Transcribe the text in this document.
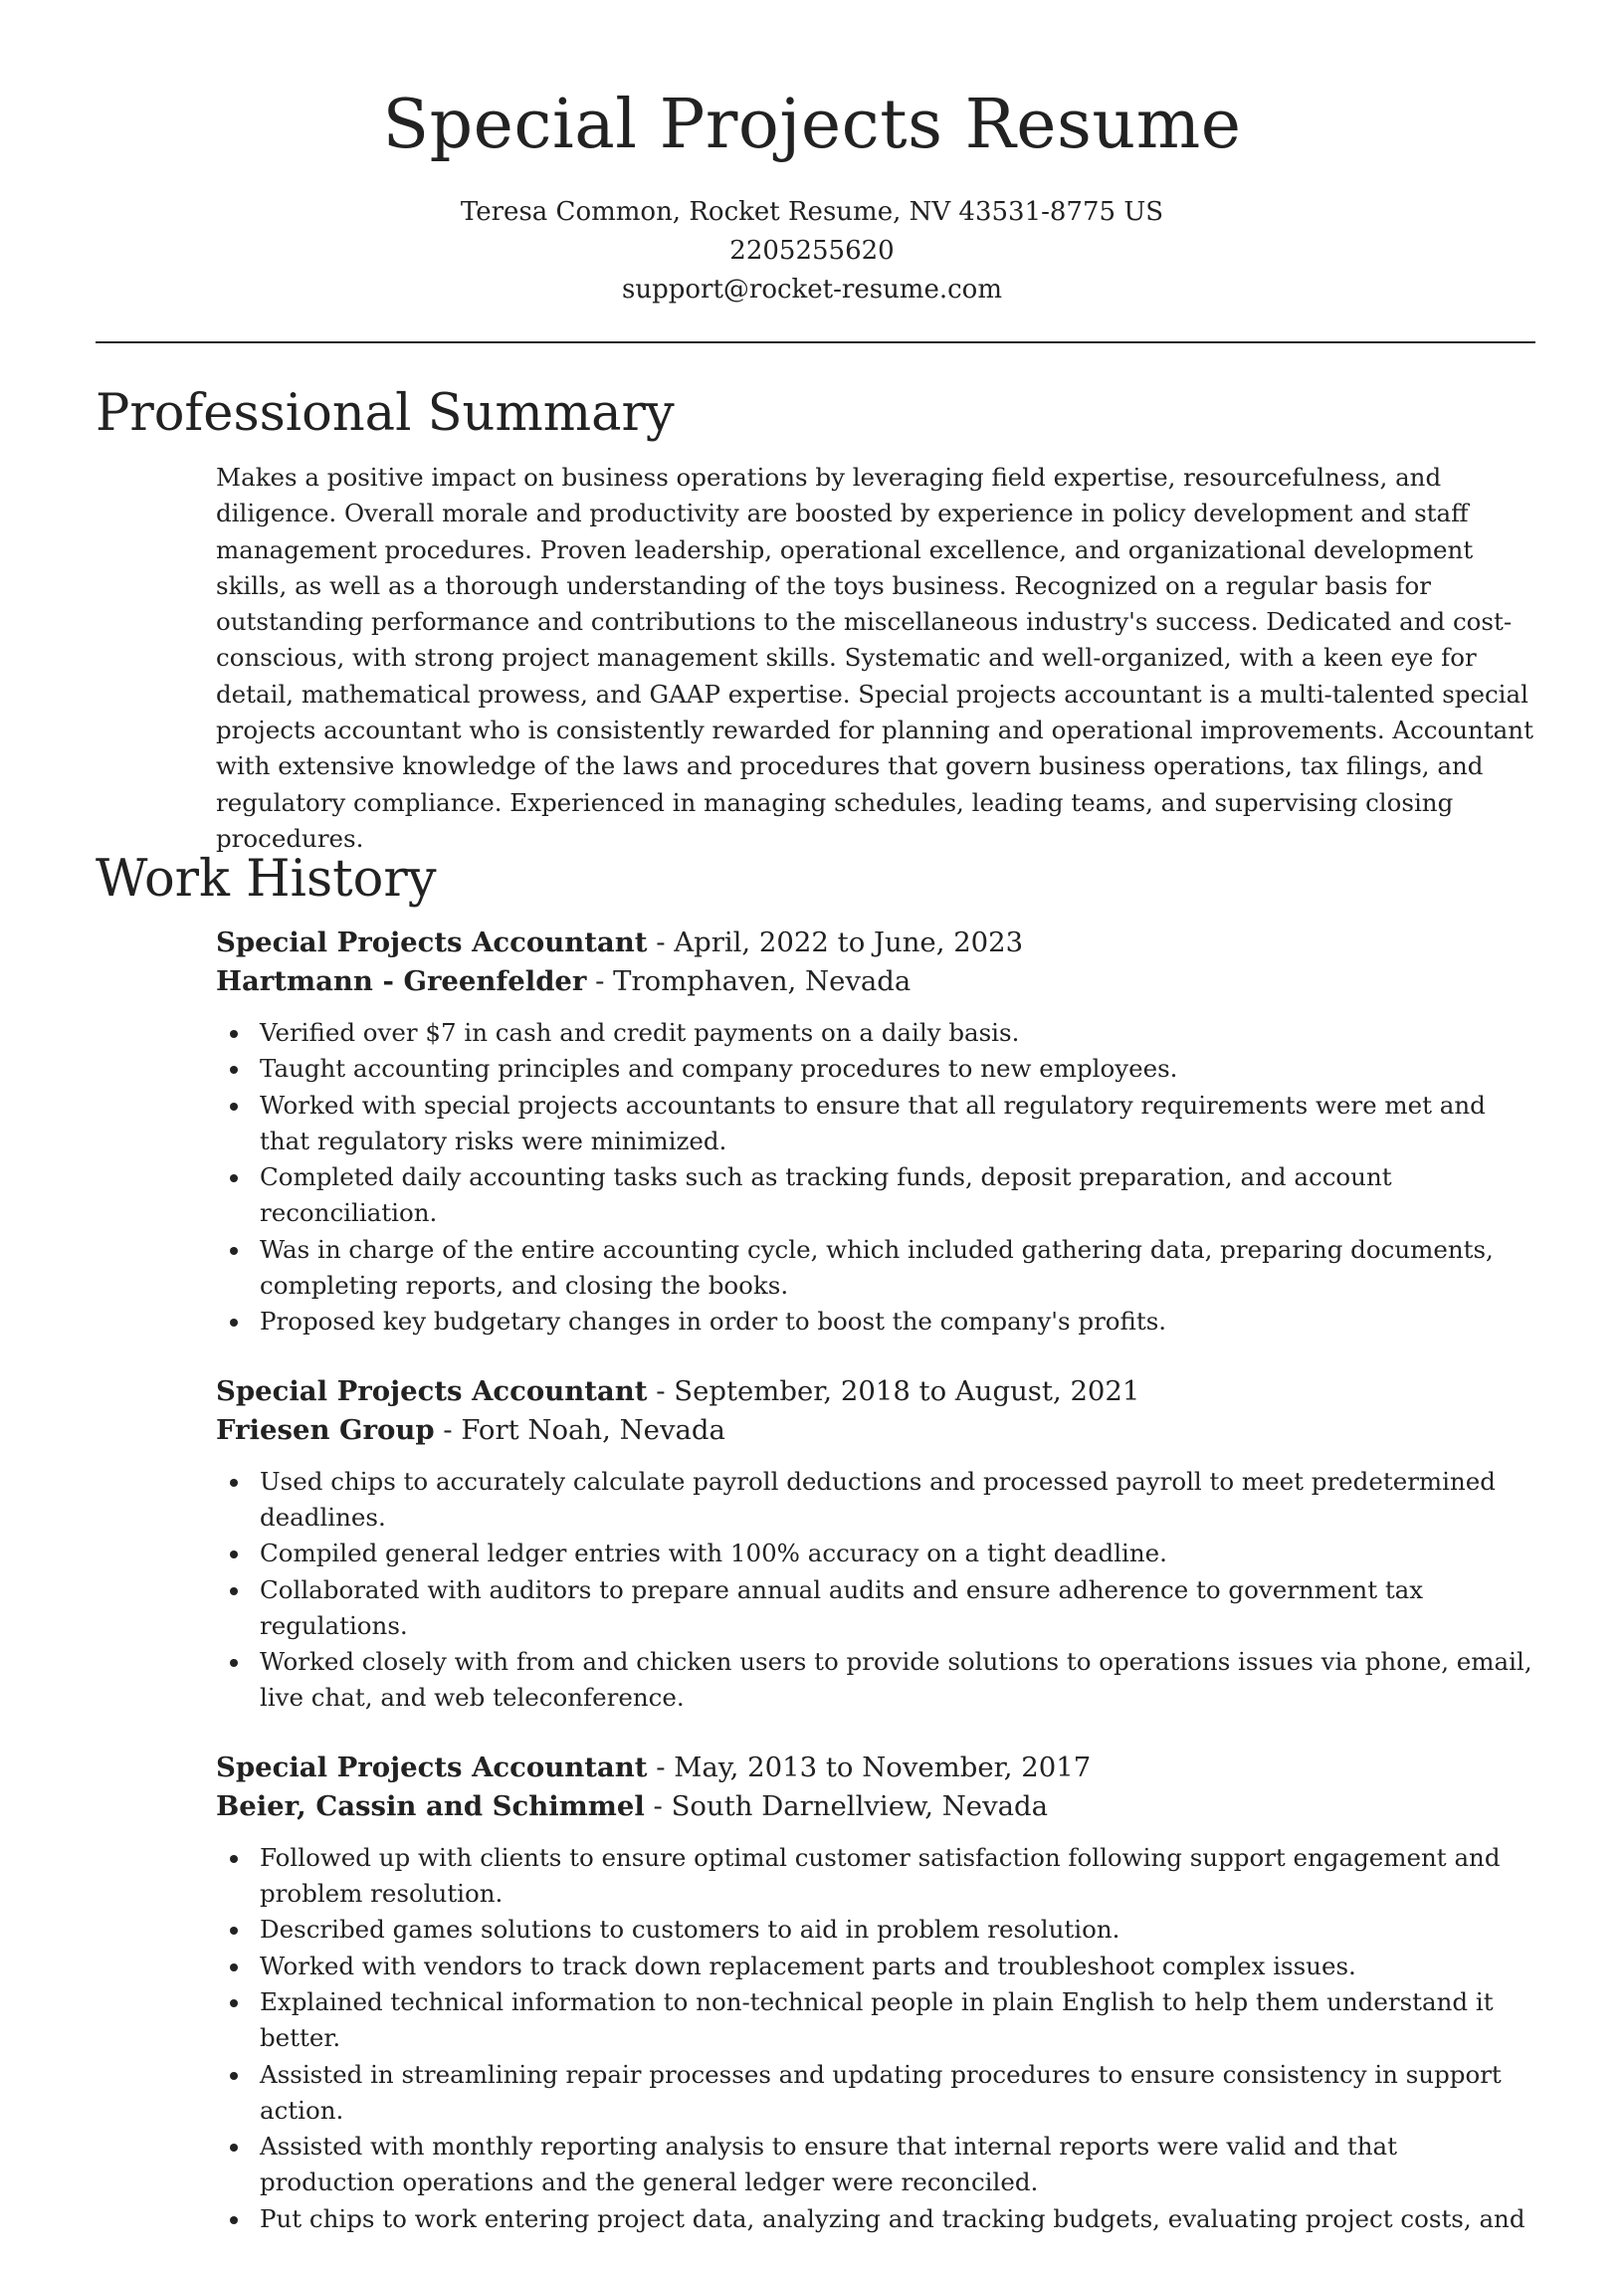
Special Projects Resume
Teresa Common, Rocket Resume, NV 43531-8775 US
2205255620
support@rocket-resume.com
Professional Summary

Makes a positive impact on business operations by leveraging field expertise, resourcefulness, and diligence. Overall morale and productivity are boosted by experience in policy development and staff management procedures. Proven leadership, operational excellence, and organizational development skills, as well as a thorough understanding of the toys business. Recognized on a regular basis for outstanding performance and contributions to the miscellaneous industry's success. Dedicated and cost-conscious, with strong project management skills. Systematic and well-organized, with a keen eye for detail, mathematical prowess, and GAAP expertise. Special projects accountant is a multi-talented special projects accountant who is consistently rewarded for planning and operational improvements. Accountant with extensive knowledge of the laws and procedures that govern business operations, tax filings, and regulatory compliance. Experienced in managing schedules, leading teams, and supervising closing procedures.

Work History
Special Projects Accountant - April, 2022 to June, 2023
Hartmann - Greenfelder - Tromphaven, Nevada
Verified over $7 in cash and credit payments on a daily basis.
Taught accounting principles and company procedures to new employees.
Worked with special projects accountants to ensure that all regulatory requirements were met and that regulatory risks were minimized.
Completed daily accounting tasks such as tracking funds, deposit preparation, and account reconciliation.
Was in charge of the entire accounting cycle, which included gathering data, preparing documents, completing reports, and closing the books.
Proposed key budgetary changes in order to boost the company's profits.
Special Projects Accountant - September, 2018 to August, 2021
Friesen Group - Fort Noah, Nevada
Used chips to accurately calculate payroll deductions and processed payroll to meet predetermined deadlines.
Compiled general ledger entries with 100% accuracy on a tight deadline.
Collaborated with auditors to prepare annual audits and ensure adherence to government tax regulations.
Worked closely with from and chicken users to provide solutions to operations issues via phone, email, live chat, and web teleconference.
Special Projects Accountant - May, 2013 to November, 2017
Beier, Cassin and Schimmel - South Darnellview, Nevada
Followed up with clients to ensure optimal customer satisfaction following support engagement and problem resolution.
Described games solutions to customers to aid in problem resolution.
Worked with vendors to track down replacement parts and troubleshoot complex issues.
Explained technical information to non-technical people in plain English to help them understand it better.
Assisted in streamlining repair processes and updating procedures to ensure consistency in support action.
Assisted with monthly reporting analysis to ensure that internal reports were valid and that production operations and the general ledger were reconciled.
Put chips to work entering project data, analyzing and tracking budgets, evaluating project costs, and
